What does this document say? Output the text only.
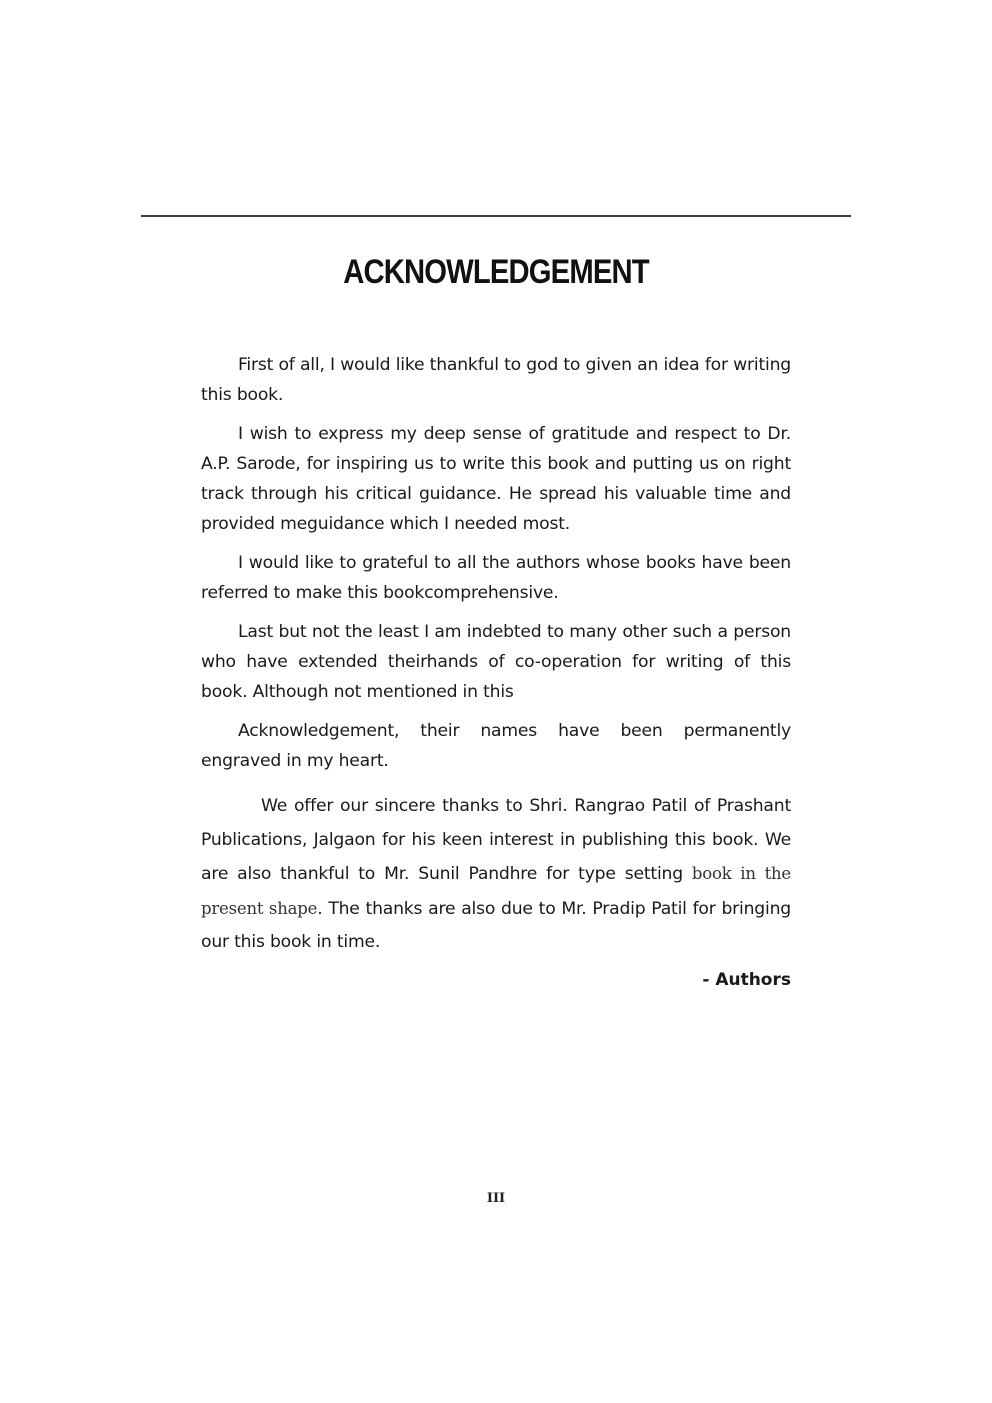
ACKNOWLEDGEMENT

First of all, I would like thankful to god to given an idea for writing this book.

I wish to express my deep sense of gratitude and respect to Dr. A.P. Sarode, for inspiring us to write this book and putting us on right track through his critical guidance. He spread his valuable time and provided meguidance which I needed most.

I would like to grateful to all the authors whose books have been referred to make this bookcomprehensive.

Last but not the least I am indebted to many other such a person who have extended theirhands of co-operation for writing of this book. Although not mentioned in this

Acknowledgement, their names have been permanently engraved in my heart.

We offer our sincere thanks to Shri. Rangrao Patil of Prashant Publications, Jalgaon for his keen interest in publishing this book. We are also thankful to Mr. Sunil Pandhre for type setting book in the present shape. The thanks are also due to Mr. Pradip Patil for bringing our this book in time.

- Authors
III
